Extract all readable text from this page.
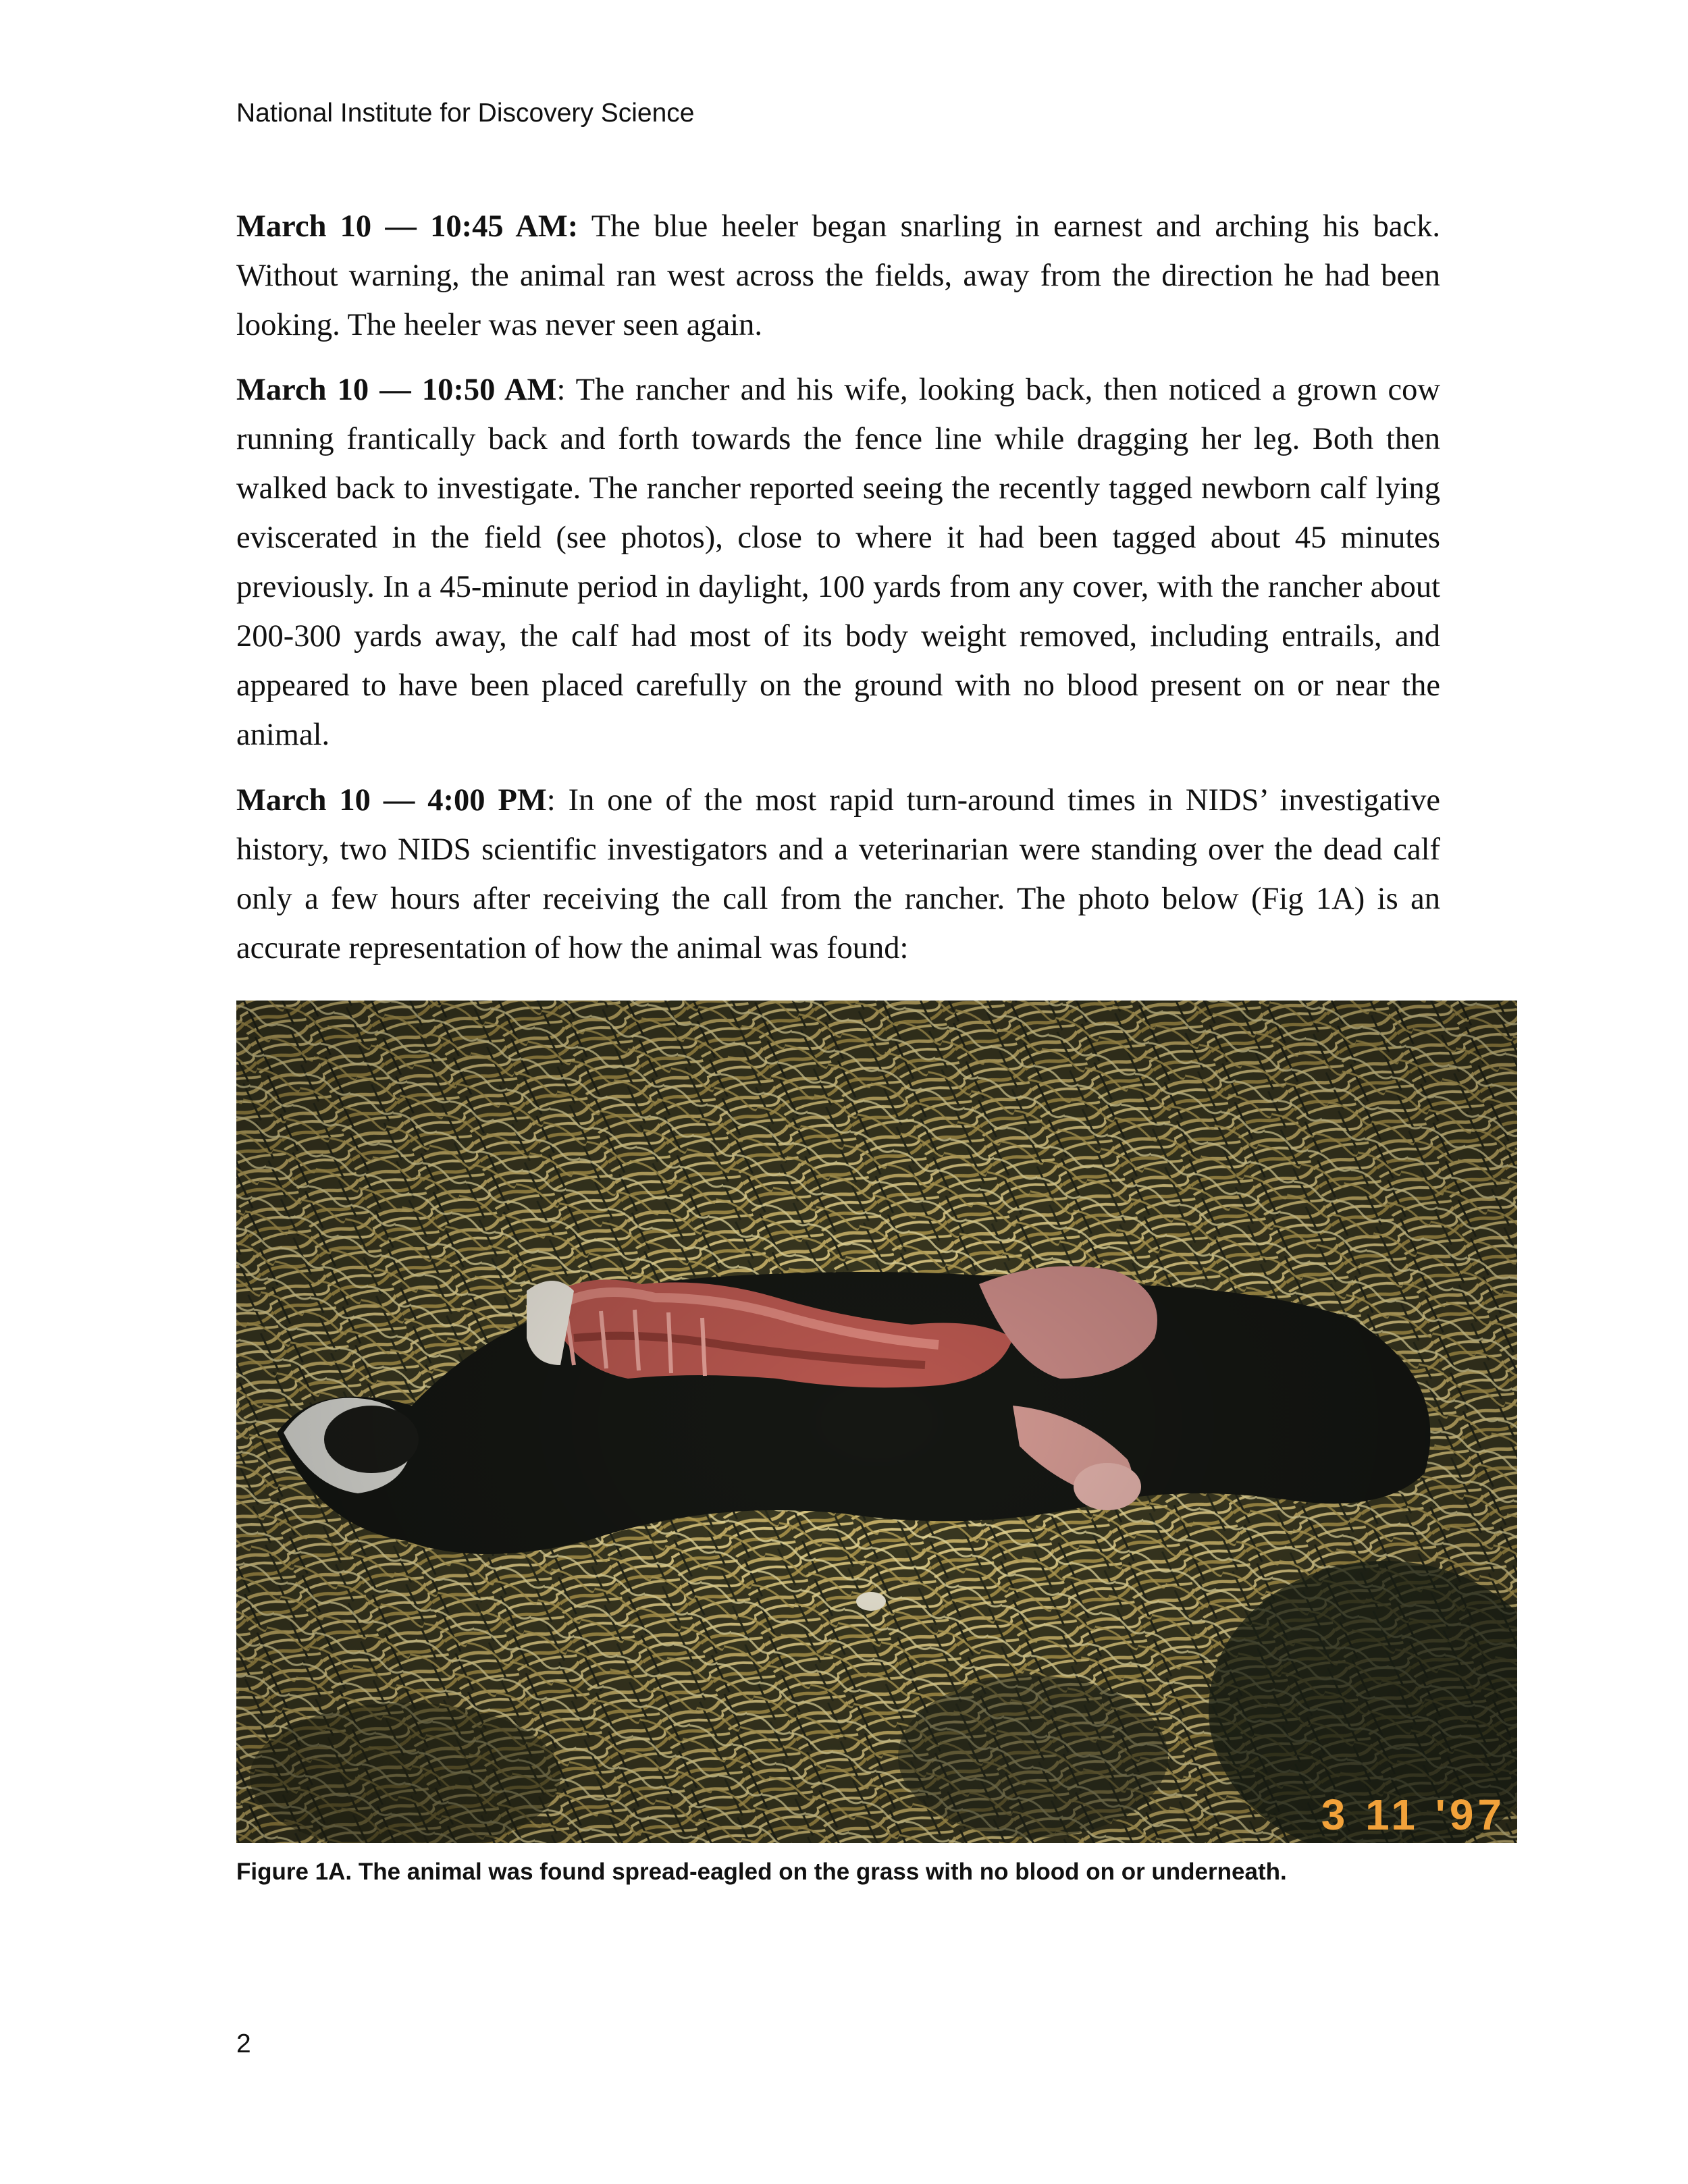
National Institute for Discovery Science

March 10 — 10:45 AM: The blue heeler began snarling in earnest and arching his back. Without warning, the animal ran west across the fields, away from the direction he had been looking. The heeler was never seen again.

March 10 — 10:50 AM: The rancher and his wife, looking back, then noticed a grown cow running frantically back and forth towards the fence line while dragging her leg. Both then walked back to investigate. The rancher reported seeing the recently tagged newborn calf lying eviscerated in the field (see photos), close to where it had been tagged about 45 minutes previously. In a 45-minute period in daylight, 100 yards from any cover, with the rancher about 200-300 yards away, the calf had most of its body weight removed, including entrails, and appeared to have been placed carefully on the ground with no blood present on or near the animal.

March 10 — 4:00 PM: In one of the most rapid turn-around times in NIDS’ investigative history, two NIDS scientific investigators and a veterinarian were standing over the dead calf only a few hours after receiving the call from the rancher. The photo below (Fig 1A) is an accurate representation of how the animal was found:

3 11 '97
Figure 1A. The animal was found spread-eagled on the grass with no blood on or underneath.
2
